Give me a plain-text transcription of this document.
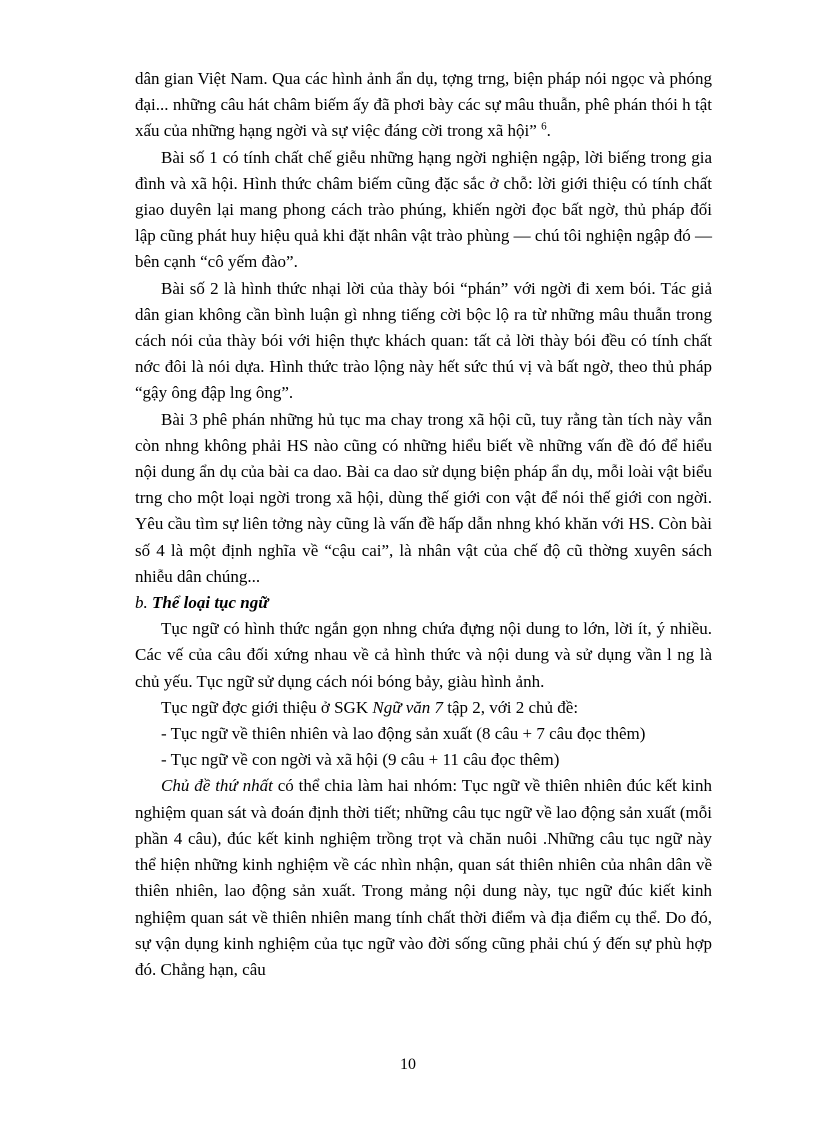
dân gian Việt Nam. Qua các hình ảnh ẩn dụ, tợng trng, biện pháp nói ngọc và phóng đại... những câu hát châm biếm ấy đã phơi bày các sự mâu thuẫn, phê phán thói h tật xấu của những hạng ngời và sự việc đáng cời trong xã hội” $^6$.

Bài số 1 có tính chất chế giễu những hạng ngời nghiện ngập, lời biếng trong gia đình và xã hội. Hình thức châm biếm cũng đặc sắc ở chỗ: lời giới thiệu có tính chất giao duyên lại mang phong cách trào phúng, khiến ngời đọc bất ngờ, thủ pháp đối lập cũng phát huy hiệu quả khi đặt nhân vật trào phùng — chú tôi nghiện ngập đó — bên cạnh “cô yếm đào”.

Bài số 2 là hình thức nhại lời của thày bói “phán” với ngời đi xem bói. Tác giả dân gian không cần bình luận gì nhng tiếng cời bộc lộ ra từ những mâu thuẫn trong cách nói của thày bói với hiện thực khách quan: tất cả lời thày bói đều có tính chất nớc đôi là nói dựa. Hình thức trào lộng này hết sức thú vị và bất ngờ, theo thủ pháp “gậy ông đập lng ông”.

Bài 3 phê phán những hủ tục ma chay trong xã hội cũ, tuy rằng tàn tích này vẫn còn nhng không phải HS nào cũng có những hiểu biết về những vấn đề đó để hiểu nội dung ẩn dụ của bài ca dao. Bài ca dao sử dụng biện pháp ẩn dụ, mỗi loài vật biểu trng cho một loại ngời trong xã hội, dùng thế giới con vật để nói thế giới con ngời. Yêu cầu tìm sự liên tởng này cũng là vấn đề hấp dẫn nhng khó khăn với HS. Còn bài số 4 là một định nghĩa về “cậu cai”, là nhân vật của chế độ cũ thờng xuyên sách nhiễu dân chúng...

b. Thể loại tục ngữ

Tục ngữ có hình thức ngắn gọn nhng chứa đựng nội dung to lớn, lời ít, ý nhiều. Các vế của câu đối xứng nhau về cả hình thức và nội dung và sử dụng vần l ng là chủ yếu. Tục ngữ sử dụng cách nói bóng bảy, giàu hình ảnh.

Tục ngữ đợc giới thiệu ở SGK Ngữ văn 7 tập 2, với 2 chủ đề:

- Tục ngữ về thiên nhiên và lao động sản xuất (8 câu + 7 câu đọc thêm)

- Tục ngữ về con ngời và xã hội (9 câu + 11 câu đọc thêm)

Chủ đề thứ nhất có thể chia làm hai nhóm: Tục ngữ về thiên nhiên đúc kết kinh nghiệm quan sát và đoán định thời tiết; những câu tục ngữ về lao động sản xuất (mỗi phần 4 câu), đúc kết kinh nghiệm trồng trọt và chăn nuôi .Những câu tục ngữ này thể hiện những kinh nghiệm về các nhìn nhận, quan sát thiên nhiên của nhân dân về thiên nhiên, lao động sản xuất. Trong mảng nội dung này, tục ngữ đúc kiết kinh nghiệm quan sát về thiên nhiên mang tính chất thời điểm và địa điểm cụ thể. Do đó, sự vận dụng kinh nghiệm của tục ngữ vào đời sống cũng phải chú ý đến sự phù hợp đó. Chẳng hạn, câu

10
